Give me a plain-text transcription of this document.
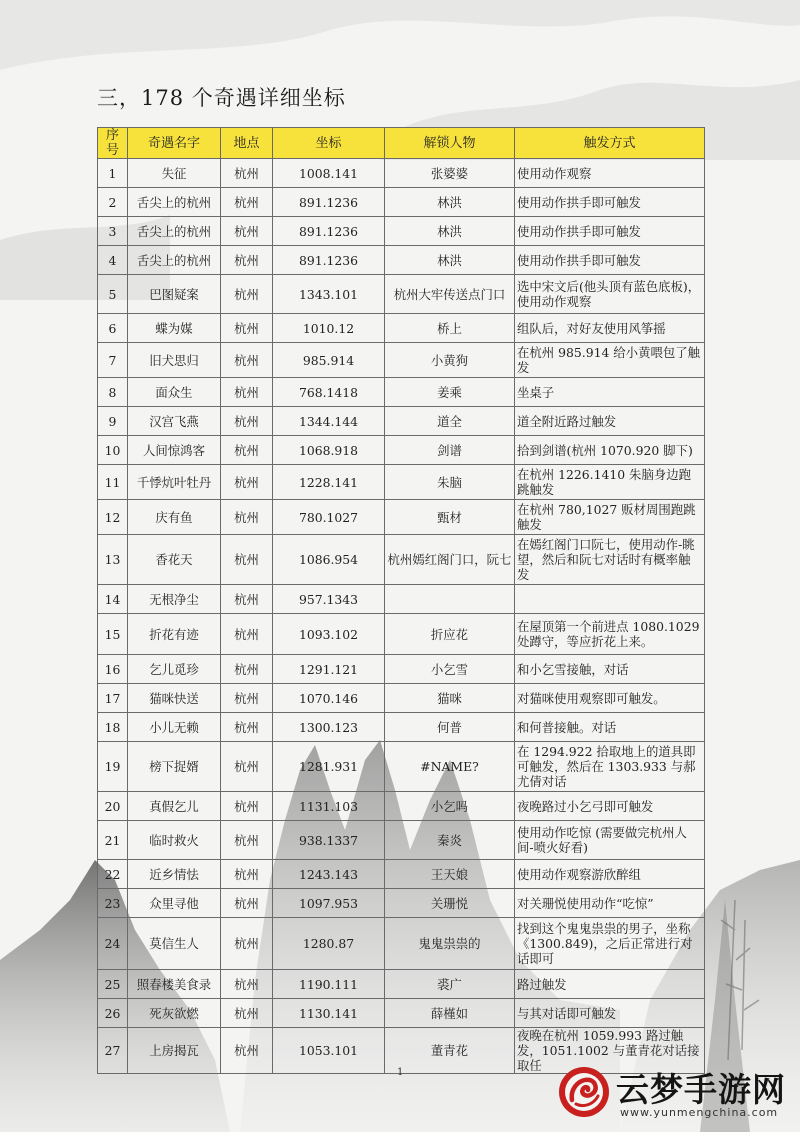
三，178 个奇遇详细坐标
序号	奇遇名字	地点	坐标	解锁人物	触发方式
1	失征	杭州	1008.141	张婆婆	使用动作观察
2	舌尖上的杭州	杭州	891.1236	林洪	使用动作拱手即可触发
3	舌尖上的杭州	杭州	891.1236	林洪	使用动作拱手即可触发
4	舌尖上的杭州	杭州	891.1236	林洪	使用动作拱手即可触发
5	巴图疑案	杭州	1343.101	杭州大牢传送点门口	选中宋文后(他头顶有蓝色底板)，使用动作观察
6	蝶为媒	杭州	1010.12	桥上	组队后，对好友使用风筝摇
7	旧犬思归	杭州	985.914	小黄狗	在杭州 985.914 给小黄喂包了触发
8	面众生	杭州	768.1418	姜乘	坐桌子
9	汉宫飞燕	杭州	1344.144	道全	道全附近路过触发
10	人间惊鸿客	杭州	1068.918	剑谱	拾到剑谱(杭州 1070.920 脚下)
11	千悸炕叶牡丹	杭州	1228.141	朱脑	在杭州 1226.1410 朱脑身边跑跳触发
12	庆有鱼	杭州	780.1027	甄材	在杭州 780,1027 贩材周围跑跳触发
13	香花天	杭州	1086.954	杭州嫣红阁门口，阮七	在嫣红阁门口阮七，使用动作-眺望，然后和阮七对话时有概率触发
14	无根净尘	杭州	957.1343		
15	折花有迹	杭州	1093.102	折应花	在屋顶第一个前进点 1080.1029 处蹲守，等应折花上来。
16	乞儿觅珍	杭州	1291.121	小乞雪	和小乞雪接触，对话
17	猫咪快送	杭州	1070.146	猫咪	对猫咪使用观察即可触发。
18	小儿无赖	杭州	1300.123	何普	和何普接触。对话
19	榜下捉婿	杭州	1281.931	#NAME?	在 1294.922 拾取地上的道具即可触发，然后在 1303.933 与郝尤倩对话
20	真假乞儿	杭州	1131.103	小乞吗	夜晚路过小乞弓即可触发
21	临时救火	杭州	938.1337	秦炎	使用动作吃惊 (需要做完杭州人间-喷火好看)
22	近乡情怯	杭州	1243.143	王天娘	使用动作观察游欣醉组
23	众里寻他	杭州	1097.953	关珊悦	对关珊悦使用动作“吃惊”
24	莫信生人	杭州	1280.87	鬼鬼祟祟的	找到这个鬼鬼祟祟的男子，坐称《1300.849)，之后正常进行对话即可
25	照春楼美食录	杭州	1190.111	裘广	路过触发
26	死灰欲燃	杭州	1130.141	薛槿如	与其对话即可触发
27	上房揭瓦	杭州	1053.101	董青花	夜晚在杭州 1059.993 路过触发，1051.1002 与董青花对话接取任
1	云梦手游网
www.yunmengchina.com
